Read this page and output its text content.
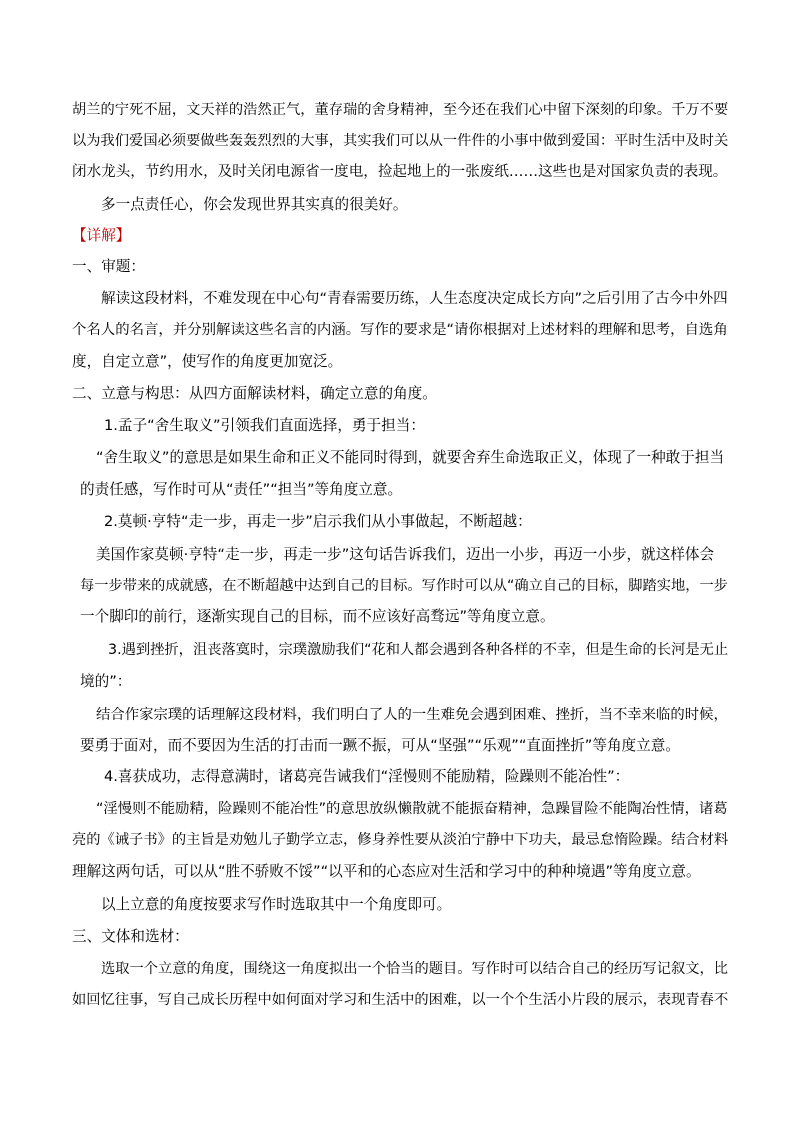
胡兰的宁死不屈，文天祥的浩然正气，董存瑞的舍身精神，至今还在我们心中留下深刻的印象。千万不要
以为我们爱国必须要做些轰轰烈烈的大事，其实我们可以从一件件的小事中做到爱国：平时生活中及时关
闭水龙头，节约用水，及时关闭电源省一度电，捡起地上的一张废纸……这些也是对国家负责的表现。
多一点责任心，你会发现世界其实真的很美好。
【详解】
一、审题：
解读这段材料，不难发现在中心句“青春需要历练，人生态度决定成长方向”之后引用了古今中外四
个名人的名言，并分别解读这些名言的内涵。写作的要求是“请你根据对上述材料的理解和思考，自选角
度，自定立意”，使写作的角度更加宽泛。
二、立意与构思：从四方面解读材料，确定立意的角度。
1.孟子“舍生取义”引领我们直面选择，勇于担当：
“舍生取义”的意思是如果生命和正义不能同时得到，就要舍弃生命选取正义，体现了一种敢于担当
的责任感，写作时可从“责任”“担当”等角度立意。
2.莫顿·亨特“走一步，再走一步”启示我们从小事做起，不断超越：
美国作家莫顿·亨特“走一步，再走一步”这句话告诉我们，迈出一小步，再迈一小步，就这样体会
每一步带来的成就感，在不断超越中达到自己的目标。写作时可以从“确立自己的目标，脚踏实地，一步
一个脚印的前行，逐渐实现自己的目标，而不应该好高骛远”等角度立意。
3.遇到挫折，沮丧落寞时，宗璞激励我们“花和人都会遇到各种各样的不幸，但是生命的长河是无止
境的”：
结合作家宗璞的话理解这段材料，我们明白了人的一生难免会遇到困难、挫折，当不幸来临的时候，
要勇于面对，而不要因为生活的打击而一蹶不振，可从“坚强”“乐观”“直面挫折”等角度立意。
4.喜获成功，志得意满时，诸葛亮告诫我们“淫慢则不能励精，险躁则不能冶性”：
“淫慢则不能励精，险躁则不能冶性”的意思放纵懒散就不能振奋精神，急躁冒险不能陶冶性情，诸葛
亮的《诫子书》的主旨是劝勉儿子勤学立志，修身养性要从淡泊宁静中下功夫，最忌怠惰险躁。结合材料
理解这两句话，可以从“胜不骄败不馁”“以平和的心态应对生活和学习中的种种境遇”等角度立意。
以上立意的角度按要求写作时选取其中一个角度即可。
三、文体和选材：
选取一个立意的角度，围绕这一角度拟出一个恰当的题目。写作时可以结合自己的经历写记叙文，比
如回忆往事，写自己成长历程中如何面对学习和生活中的困难，以一个个生活小片段的展示，表现青春不
